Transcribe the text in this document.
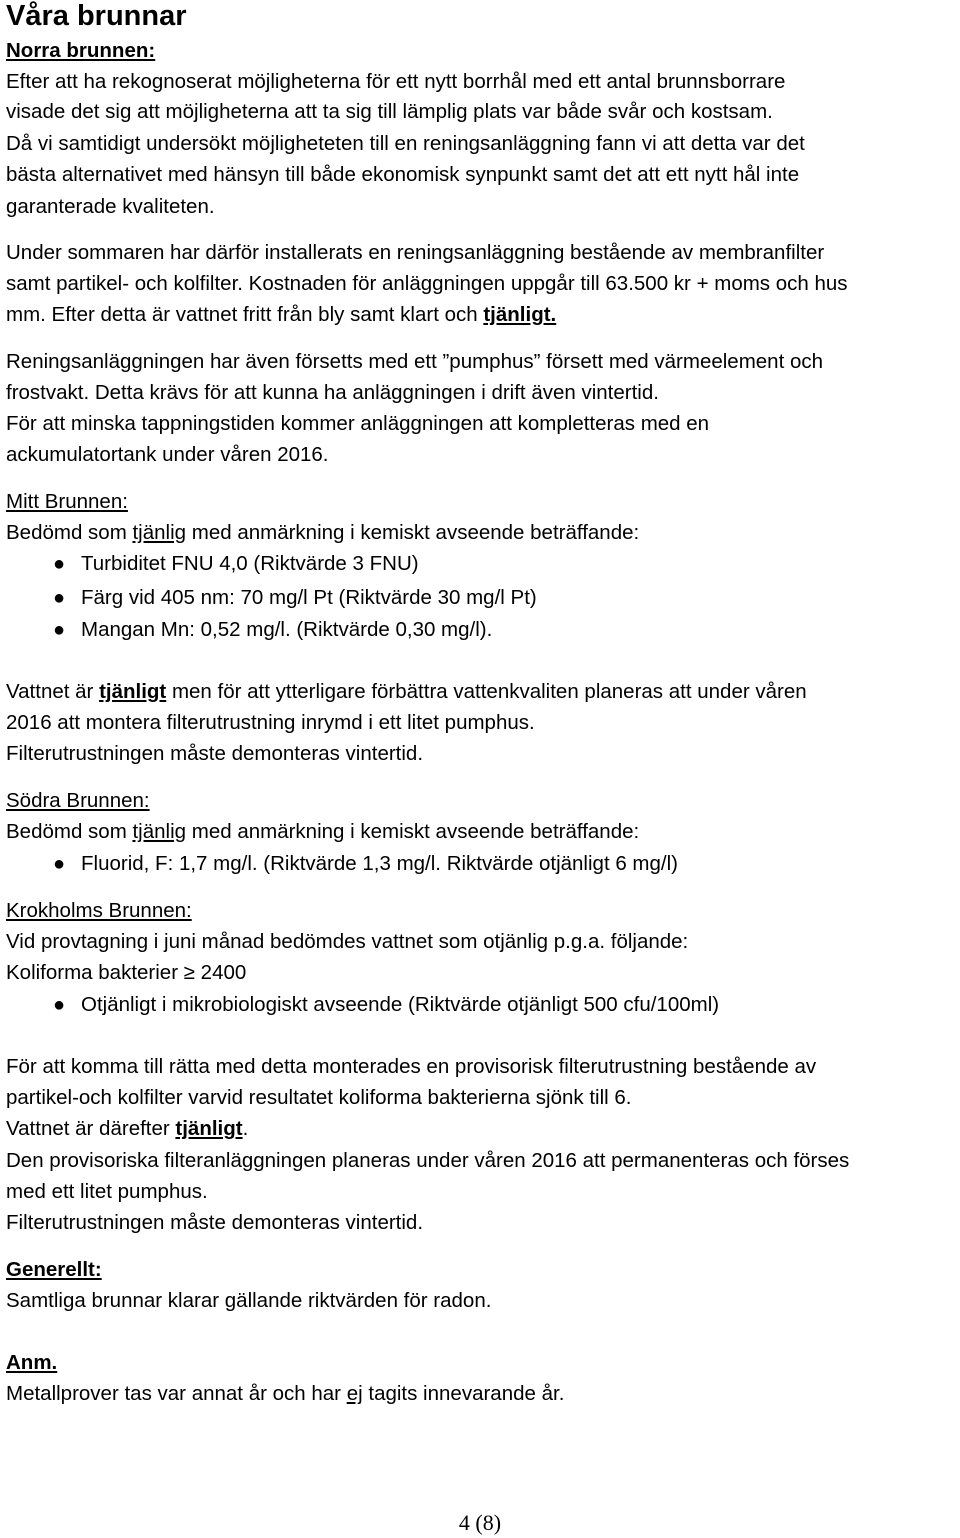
Våra brunnar
Norra brunnen:
Efter att ha rekognoserat möjligheterna för ett nytt borrhål med ett antal brunnsborrare
visade det sig att möjligheterna att ta sig till lämplig plats var både svår och kostsam.
Då vi samtidigt undersökt möjligheteten till en reningsanläggning fann vi att detta var det
bästa alternativet med hänsyn till både ekonomisk synpunkt samt det att ett nytt hål inte
garanterade kvaliteten.
Under sommaren har därför installerats en reningsanläggning bestående av membranfilter
samt partikel- och kolfilter. Kostnaden för anläggningen uppgår till 63.500 kr + moms och hus
mm. Efter detta är vattnet fritt från bly samt klart och tjänligt.
Reningsanläggningen har även försetts med ett ”pumphus” försett med värmeelement och
frostvakt. Detta krävs för att kunna ha anläggningen i drift även vintertid.
För att minska tappningstiden kommer anläggningen att kompletteras med en
ackumulatortank under våren 2016.
Mitt Brunnen:
Bedömd som tjänlig med anmärkning i kemiskt avseende beträffande:
● Turbiditet FNU 4,0 (Riktvärde 3 FNU)
● Färg vid 405 nm: 70 mg/l Pt (Riktvärde 30 mg/l Pt)
● Mangan Mn: 0,52 mg/l. (Riktvärde 0,30 mg/l).
Vattnet är tjänligt men för att ytterligare förbättra vattenkvaliten planeras att under våren
2016 att montera filterutrustning inrymd i ett litet pumphus.
Filterutrustningen måste demonteras vintertid.
Södra Brunnen:
Bedömd som tjänlig med anmärkning i kemiskt avseende beträffande:
● Fluorid, F: 1,7 mg/l. (Riktvärde 1,3 mg/l. Riktvärde otjänligt 6 mg/l)
Krokholms Brunnen:
Vid provtagning i juni månad bedömdes vattnet som otjänlig p.g.a. följande:
Koliforma bakterier ≥ 2400
● Otjänligt i mikrobiologiskt avseende (Riktvärde otjänligt 500 cfu/100ml)
För att komma till rätta med detta monterades en provisorisk filterutrustning bestående av
partikel-och kolfilter varvid resultatet koliforma bakterierna sjönk till 6.
Vattnet är därefter tjänligt.
Den provisoriska filteranläggningen planeras under våren 2016 att permanenteras och förses
med ett litet pumphus.
Filterutrustningen måste demonteras vintertid.
Generellt:
Samtliga brunnar klarar gällande riktvärden för radon.
Anm.
Metallprover tas var annat år och har ej tagits innevarande år.
4 (8)
